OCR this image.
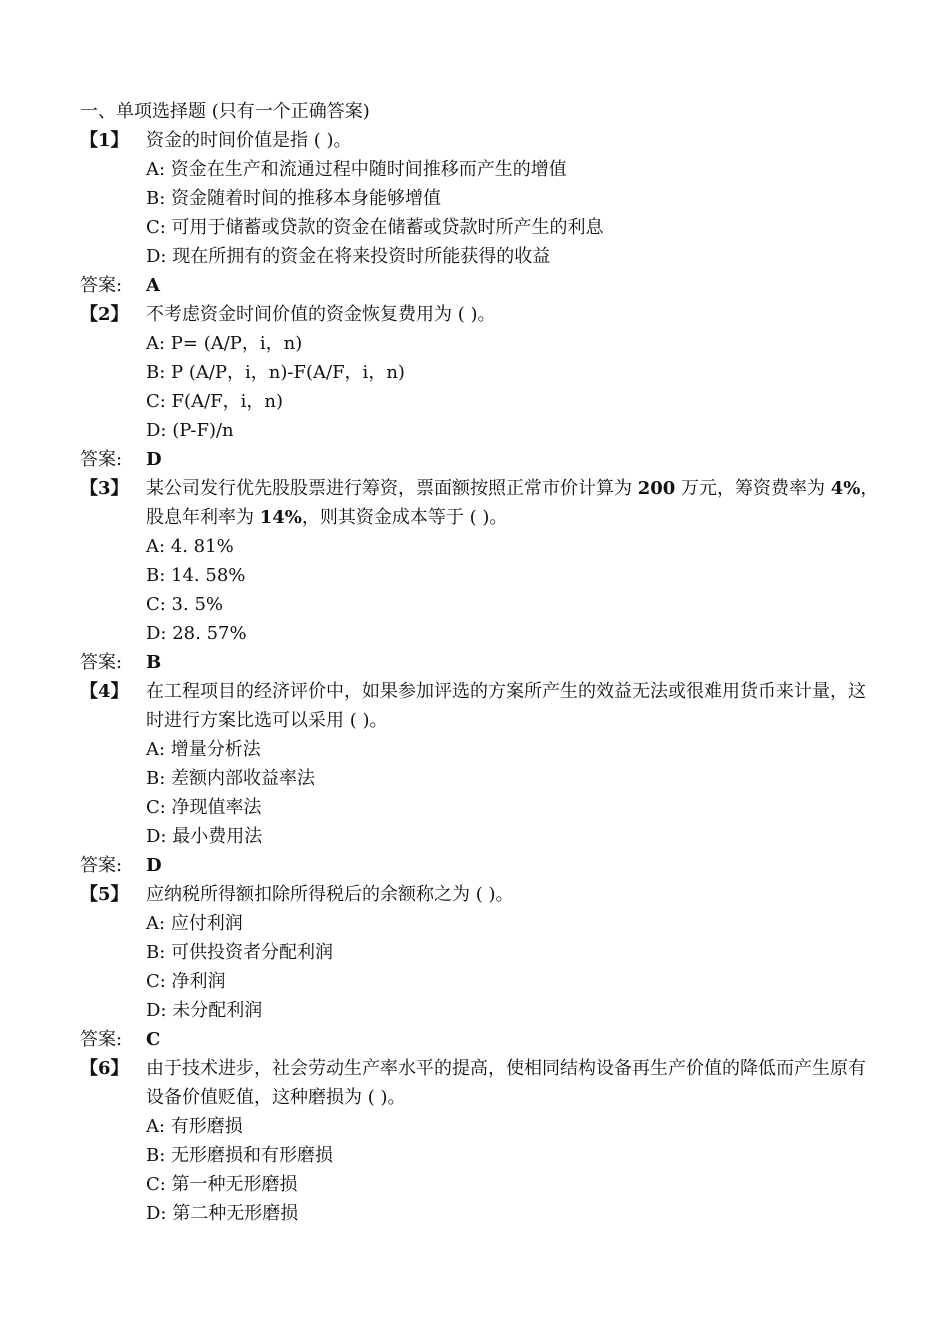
一、单项选择题 (只有一个正确答案)
【1】 资金的时间价值是指 ( )。
A: 资金在生产和流通过程中随时间推移而产生的增值
B: 资金随着时间的推移本身能够增值
C: 可用于储蓄或贷款的资金在储蓄或贷款时所产生的利息
D: 现在所拥有的资金在将来投资时所能获得的收益
答案:	A
【2】 不考虑资金时间价值的资金恢复费用为 ( )。
A: P= (A/P，i，n)
B: P (A/P，i，n)-F(A/F，i，n)
C: F(A/F，i，n)
D: (P-F)/n
答案:	D
【3】 某公司发行优先股股票进行筹资，票面额按照正常市价计算为 200 万元，筹资费率为 4%，股息年利率为 14%，则其资金成本等于 ( )。
A: 4. 81%
B: 14. 58%
C: 3. 5%
D: 28. 57%
答案:	B
【4】 在工程项目的经济评价中，如果参加评选的方案所产生的效益无法或很难用货币来计量，这时进行方案比选可以采用 ( )。
A: 增量分析法
B: 差额内部收益率法
C: 净现值率法
D: 最小费用法
答案:	D
【5】 应纳税所得额扣除所得税后的余额称之为 ( )。
A: 应付利润
B: 可供投资者分配利润
C: 净利润
D: 未分配利润
答案:	C
【6】 由于技术进步，社会劳动生产率水平的提高，使相同结构设备再生产价值的降低而产生原有设备价值贬值，这种磨损为 ( )。
A: 有形磨损
B: 无形磨损和有形磨损
C: 第一种无形磨损
D: 第二种无形磨损
